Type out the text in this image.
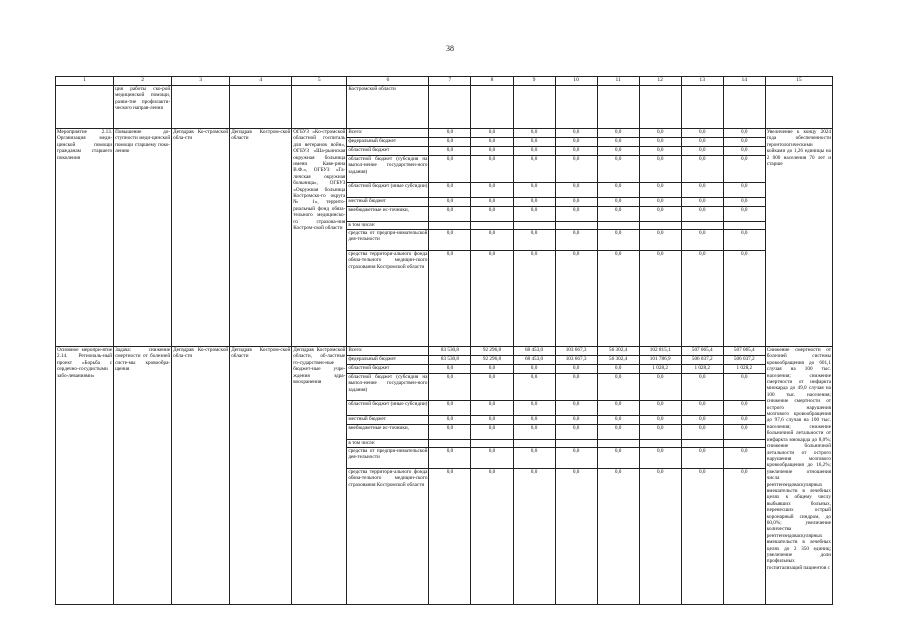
38
1	2	3	4	5	6	7	8	9	10	11	12	13	14	15
	ция работы ско-рой медицинской помощи, разви-тие профилакти-ческого направ-ления				Костромской области									
Мероприятие 2.13. Организация меди-цинской помощи гражданам старшего поколения	Повышение до-ступности меди-цинской помощи старшему поко-лению	Депздрав Ко-стромской обла-сти	Депздрав Костром-ской области	ОГБУЗ «Ко-стромской областной госпиталь для ветеранов войн», ОГБУЗ «Ша-рьинская окружная больница имени Каве-рина В.Ф.», ОГБУЗ «Га-личская окружная больница», ОГБУЗ «Окружная больница Костромско-го округа № 1», террито-риальный фонд обяза-тельного медицинско-го страхова-ния Костром-ской области	Всего:	0,0	0,0	0,0	0,0	0,0	0,0	0,0	0,0	Увеличение к концу 2024 года обеспеченности геронтологическими койками до 1,26 единицы на 2 000 населения 70 лет и старше
					федеральный бюджет	0,0	0,0	0,0	0,0	0,0	0,0	0,0	0,0	
					областной бюджет	0,0	0,0	0,0	0,0	0,0	0,0	0,0	0,0	
					областной бюджет (субсидия на выпол-нение государствен-ного задания)	0,0	0,0	0,0	0,0	0,0	0,0	0,0	0,0	
					областной бюджет (иные субсидии)	0,0	0,0	0,0	0,0	0,0	0,0	0,0	0,0	
					местный бюджет	0,0	0,0	0,0	0,0	0,0	0,0	0,0	0,0	
					внебюджетные ис-точники,	0,0	0,0	0,0	0,0	0,0	0,0	0,0	0,0	
					в том числе:									
					средства от предпри-нимательской дея-тельности	0,0	0,0	0,0	0,0	0,0	0,0	0,0	0,0	
					средства территори-ального фонда обяза-тельного медицин-ского страхования Костромской области	0,0	0,0	0,0	0,0	0,0	0,0	0,0	0,0	
Основное меропри-ятие 2.14. Региональ-ный проект «Борьба с сердечно-сосудистыми забо-леваниями»	Задача: снижение смертности от болезней систе-мы кровообра-щения	Депздрав Ко-стромской обла-сти	Депздрав Костром-ской области	Депздрав Костромской области, об-ластные го-сударствен-ные бюджет-ные учре-ждения здра-воохранения	Всего:	83 530,8	92 296,8	68 453,0	103 667,3	56 302,4	102 815,1	507 065,4	507 065,4	Снижение смертности от болезней системы кровообращения до 601,1 случая на 100 тыс. населения; снижение смертности от инфаркта миокарда до 49,0 случая на 100 тыс. населения; снижение смертности от острого нарушения мозгового кровообращения до 97,6 случая на 100 тыс. населения; снижение больничной летальности от инфаркта миокарда до 8,0%; снижение больничной летальности от острого нарушения мозгового кровообращения до 16,2%; увеличение отношения числа рентгенэндоваскулярных вмешательств в лечебных целях к общему числу выбывших больных, перенесших острый коронарный синдром, до 60,0%; увеличение количества рентгенэндоваскулярных вмешательств в лечебных целях до 2 350 единиц; увеличение доли профильных госпитализаций пациентов с
					федеральный бюджет	83 530,8	92 296,8	68 453,0	103 667,3	56 302,4	101 786,9	506 037,2	506 037,2	
					областной бюджет	0,0	0,0	0,0	0,0	0,0	1 028,2	1 028,2	1 028,2	
					областной бюджет (субсидия на выпол-нение государствен-ного задания)	0,0	0,0	0,0	0,0	0,0	0,0	0,0	0,0	
					областной бюджет (иные субсидии)	0,0	0,0	0,0	0,0	0,0	0,0	0,0	0,0	
					местный бюджет	0,0	0,0	0,0	0,0	0,0	0,0	0,0	0,0	
					внебюджетные ис-точники,	0,0	0,0	0,0	0,0	0,0	0,0	0,0	0,0	
					в том числе:									
					средства от предпри-нимательской дея-тельности	0,0	0,0	0,0	0,0	0,0	0,0	0,0	0,0	
					средства территори-ального фонда обяза-тельного медицин-ского страхования Костромской области	0,0	0,0	0,0	0,0	0,0	0,0	0,0	0,0	
